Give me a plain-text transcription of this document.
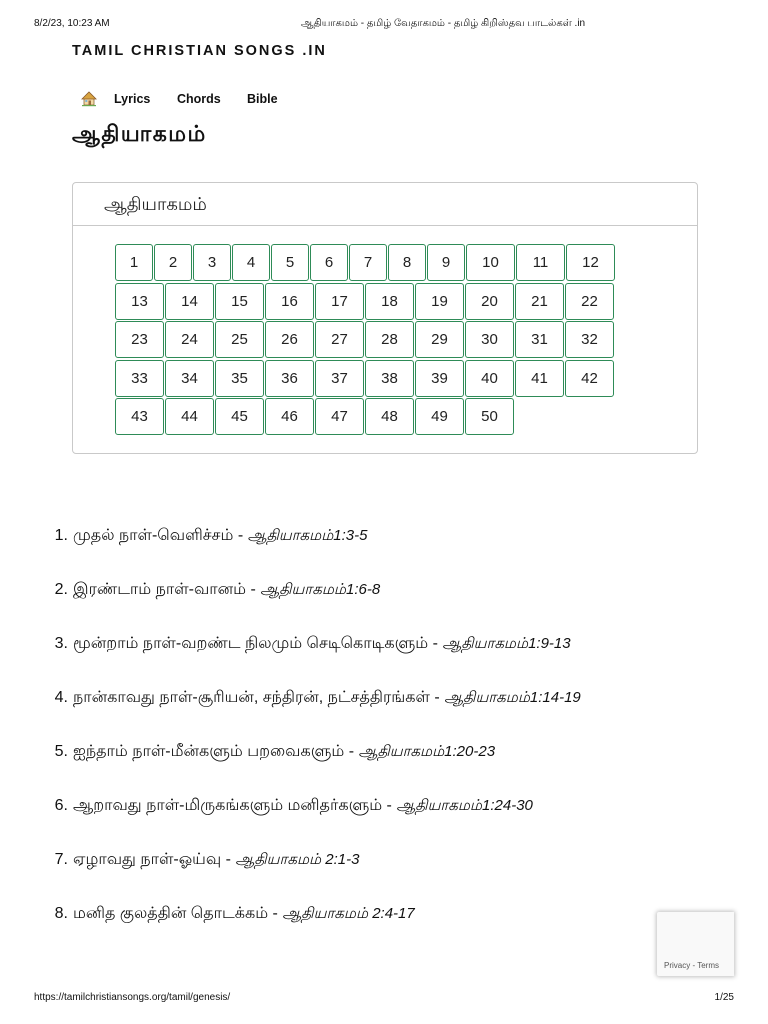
8/2/23, 10:23 AM	ஆதியாகமம் - தமிழ் வேதாகமம் - தமிழ் கிறிஸ்தவ பாடல்கள் .in
TAMIL CHRISTIAN SONGS .IN
Lyrics Chords Bible
ஆதியாகமம்
ஆதியாகமம்
1	2	3	4	5	6	7	8	9	10	11	12
13	14	15	16	17	18	19	20	21	22
23	24	25	26	27	28	29	30	31	32
33	34	35	36	37	38	39	40	41	42
43	44	45	46	47	48	49	50
1. முதல் நாள்-வெளிச்சம் - ஆதியாகமம்1:3-5
2. இரண்டாம் நாள்-வானம் - ஆதியாகமம்1:6-8
3. மூன்றாம் நாள்-வறண்ட நிலமும் செடிகொடிகளும் - ஆதியாகமம்1:9-13
4. நான்காவது நாள்-சூரியன், சந்திரன், நட்சத்திரங்கள் - ஆதியாகமம்1:14-19
5. ஐந்தாம் நாள்-மீன்களும் பறவைகளும் - ஆதியாகமம்1:20-23
6. ஆறாவது நாள்-மிருகங்களும் மனிதர்களும் - ஆதியாகமம்1:24-30
7. ஏழாவது நாள்-ஓய்வு - ஆதியாகமம் 2:1-3
8. மனித குலத்தின் தொடக்கம் - ஆதியாகமம் 2:4-17
Privacy - Terms
https://tamilchristiansongs.org/tamil/genesis/	1/25
